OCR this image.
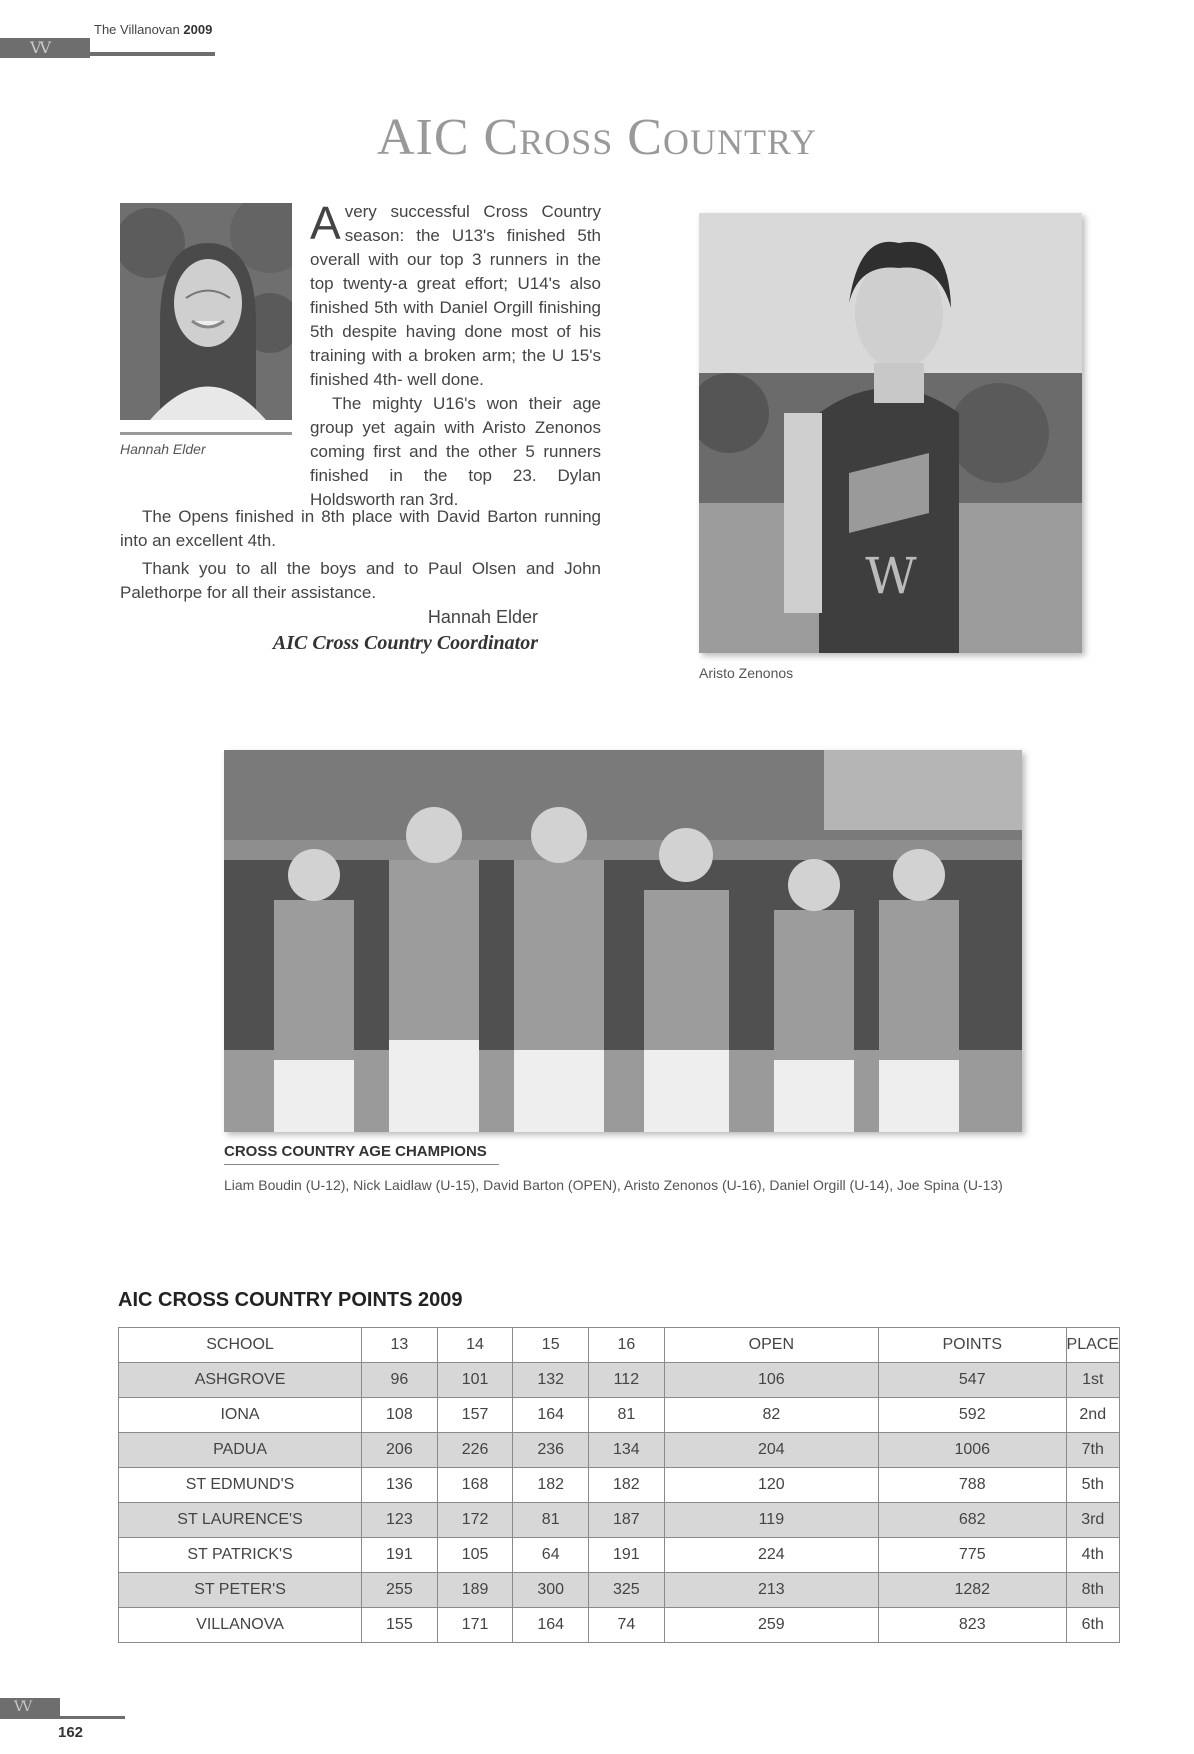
VV
The Villanovan 2009
AIC Cross Country
Hannah Elder
Avery successful Cross Country season: the U13's finished 5th overall with our top 3 runners in the top twenty-a great effort; U14's also finished 5th with Daniel Orgill finishing 5th despite having done most of his training with a broken arm; the U 15's finished 4th- well done.

The mighty U16's won their age group yet again with Aristo Zenonos coming first and the other 5 runners finished in the top 23. Dylan Holdsworth ran 3rd.

The Opens finished in 8th place with David Barton running into an excellent 4th.

Thank you to all the boys and to Paul Olsen and John Palethorpe for all their assistance.

Hannah Elder
AIC Cross Country Coordinator
W
Aristo Zenonos
CROSS COUNTRY AGE CHAMPIONS
Liam Boudin (U-12), Nick Laidlaw (U-15), David Barton (OPEN), Aristo Zenonos (U-16), Daniel Orgill (U-14), Joe Spina (U-13)
AIC CROSS COUNTRY POINTS 2009
SCHOOL	13	14	15	16	OPEN	POINTS	PLACE
ASHGROVE	96	101	132	112	106	547	1st
IONA	108	157	164	81	82	592	2nd
PADUA	206	226	236	134	204	1006	7th
ST EDMUND'S	136	168	182	182	120	788	5th
ST LAURENCE'S	123	172	81	187	119	682	3rd
ST PATRICK'S	191	105	64	191	224	775	4th
ST PETER'S	255	189	300	325	213	1282	8th
VILLANOVA	155	171	164	74	259	823	6th
VV
162
